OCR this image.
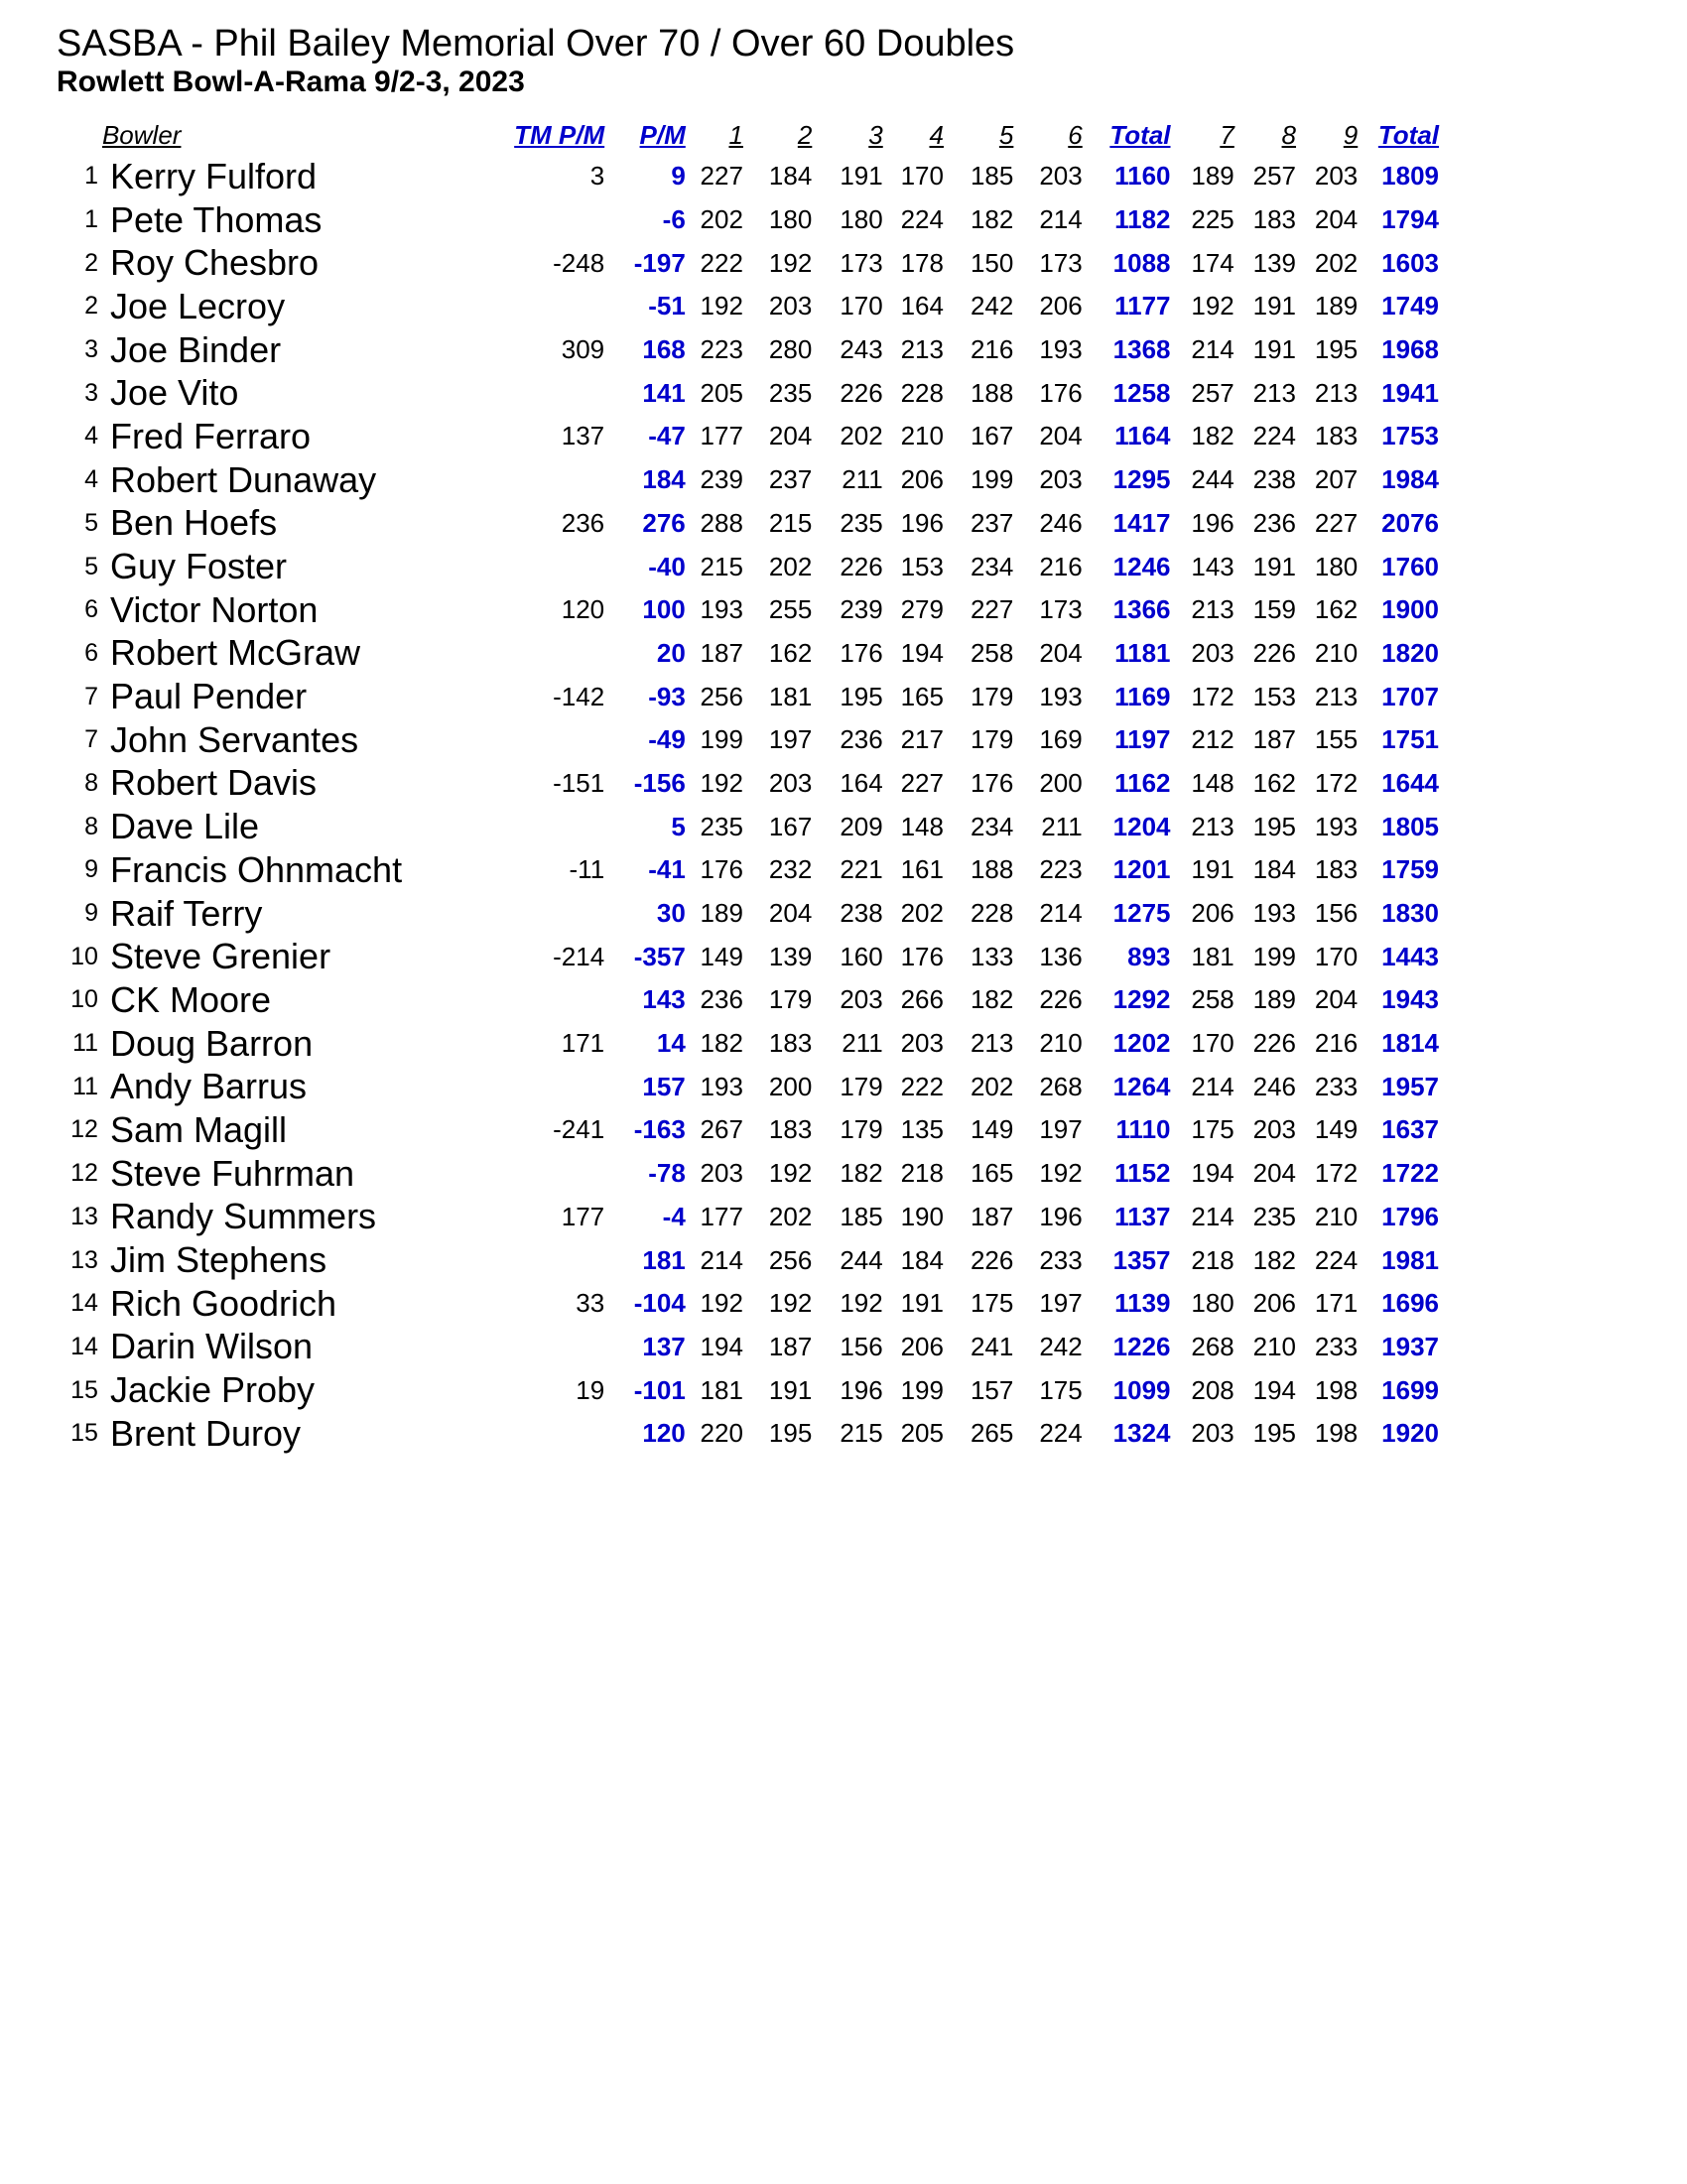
SASBA - Phil Bailey Memorial Over 70 / Over 60 Doubles
Rowlett Bowl-A-Rama 9/2-3, 2023
	Bowler	TM P/M	P/M	1	2	3	4	5	6	Total	7	8	9	Total
1	Kerry Fulford	3	9	227	184	191	170	185	203	1160	189	257	203	1809
1	Pete Thomas		-6	202	180	180	224	182	214	1182	225	183	204	1794
2	Roy Chesbro	-248	-197	222	192	173	178	150	173	1088	174	139	202	1603
2	Joe Lecroy		-51	192	203	170	164	242	206	1177	192	191	189	1749
3	Joe Binder	309	168	223	280	243	213	216	193	1368	214	191	195	1968
3	Joe Vito		141	205	235	226	228	188	176	1258	257	213	213	1941
4	Fred Ferraro	137	-47	177	204	202	210	167	204	1164	182	224	183	1753
4	Robert Dunaway		184	239	237	211	206	199	203	1295	244	238	207	1984
5	Ben Hoefs	236	276	288	215	235	196	237	246	1417	196	236	227	2076
5	Guy Foster		-40	215	202	226	153	234	216	1246	143	191	180	1760
6	Victor Norton	120	100	193	255	239	279	227	173	1366	213	159	162	1900
6	Robert McGraw		20	187	162	176	194	258	204	1181	203	226	210	1820
7	Paul Pender	-142	-93	256	181	195	165	179	193	1169	172	153	213	1707
7	John Servantes		-49	199	197	236	217	179	169	1197	212	187	155	1751
8	Robert Davis	-151	-156	192	203	164	227	176	200	1162	148	162	172	1644
8	Dave Lile		5	235	167	209	148	234	211	1204	213	195	193	1805
9	Francis Ohnmacht	-11	-41	176	232	221	161	188	223	1201	191	184	183	1759
9	Raif Terry		30	189	204	238	202	228	214	1275	206	193	156	1830
10	Steve Grenier	-214	-357	149	139	160	176	133	136	893	181	199	170	1443
10	CK Moore		143	236	179	203	266	182	226	1292	258	189	204	1943
11	Doug Barron	171	14	182	183	211	203	213	210	1202	170	226	216	1814
11	Andy Barrus		157	193	200	179	222	202	268	1264	214	246	233	1957
12	Sam Magill	-241	-163	267	183	179	135	149	197	1110	175	203	149	1637
12	Steve Fuhrman		-78	203	192	182	218	165	192	1152	194	204	172	1722
13	Randy Summers	177	-4	177	202	185	190	187	196	1137	214	235	210	1796
13	Jim Stephens		181	214	256	244	184	226	233	1357	218	182	224	1981
14	Rich Goodrich	33	-104	192	192	192	191	175	197	1139	180	206	171	1696
14	Darin Wilson		137	194	187	156	206	241	242	1226	268	210	233	1937
15	Jackie Proby	19	-101	181	191	196	199	157	175	1099	208	194	198	1699
15	Brent Duroy		120	220	195	215	205	265	224	1324	203	195	198	1920
